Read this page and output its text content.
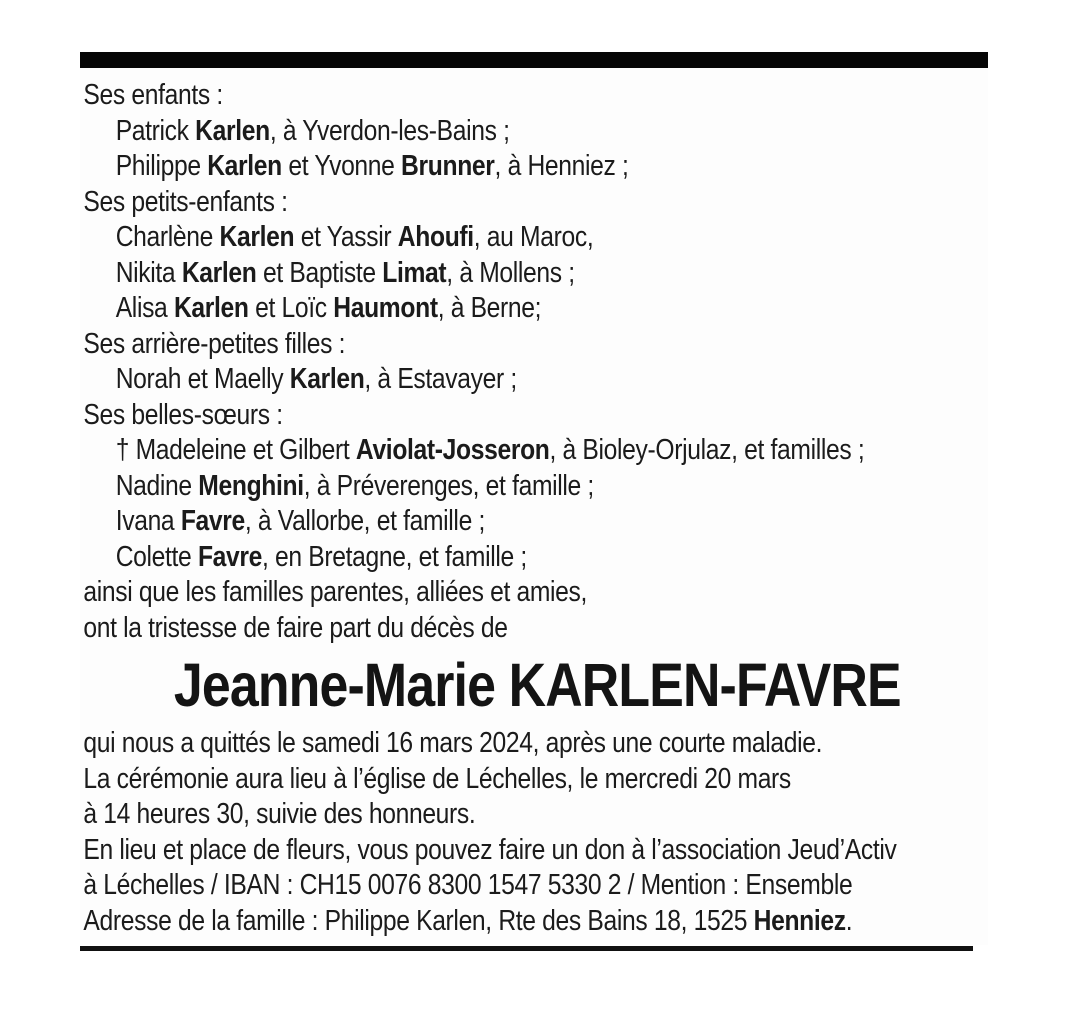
Ses enfants :
Patrick Karlen, à Yverdon-les-Bains ;
Philippe Karlen et Yvonne Brunner, à Henniez ;
Ses petits-enfants :
Charlène Karlen et Yassir Ahoufi, au Maroc,
Nikita Karlen et Baptiste Limat, à Mollens ;
Alisa Karlen et Loïc Haumont, à Berne;
Ses arrière-petites filles :
Norah et Maelly Karlen, à Estavayer ;
Ses belles-sœurs :
† Madeleine et Gilbert Aviolat-Josseron, à Bioley-Orjulaz, et familles ;
Nadine Menghini, à Préverenges, et famille ;
Ivana Favre, à Vallorbe, et famille ;
Colette Favre, en Bretagne, et famille ;
ainsi que les familles parentes, alliées et amies,
ont la tristesse de faire part du décès de
Jeanne-Marie KARLEN-FAVRE
qui nous a quittés le samedi 16 mars 2024, après une courte maladie.
La cérémonie aura lieu à l’église de Léchelles, le mercredi 20 mars
à 14 heures 30, suivie des honneurs.
En lieu et place de fleurs, vous pouvez faire un don à l’association Jeud’Activ
à Léchelles / IBAN : CH15 0076 8300 1547 5330 2 / Mention : Ensemble
Adresse de la famille : Philippe Karlen, Rte des Bains 18, 1525 Henniez.
